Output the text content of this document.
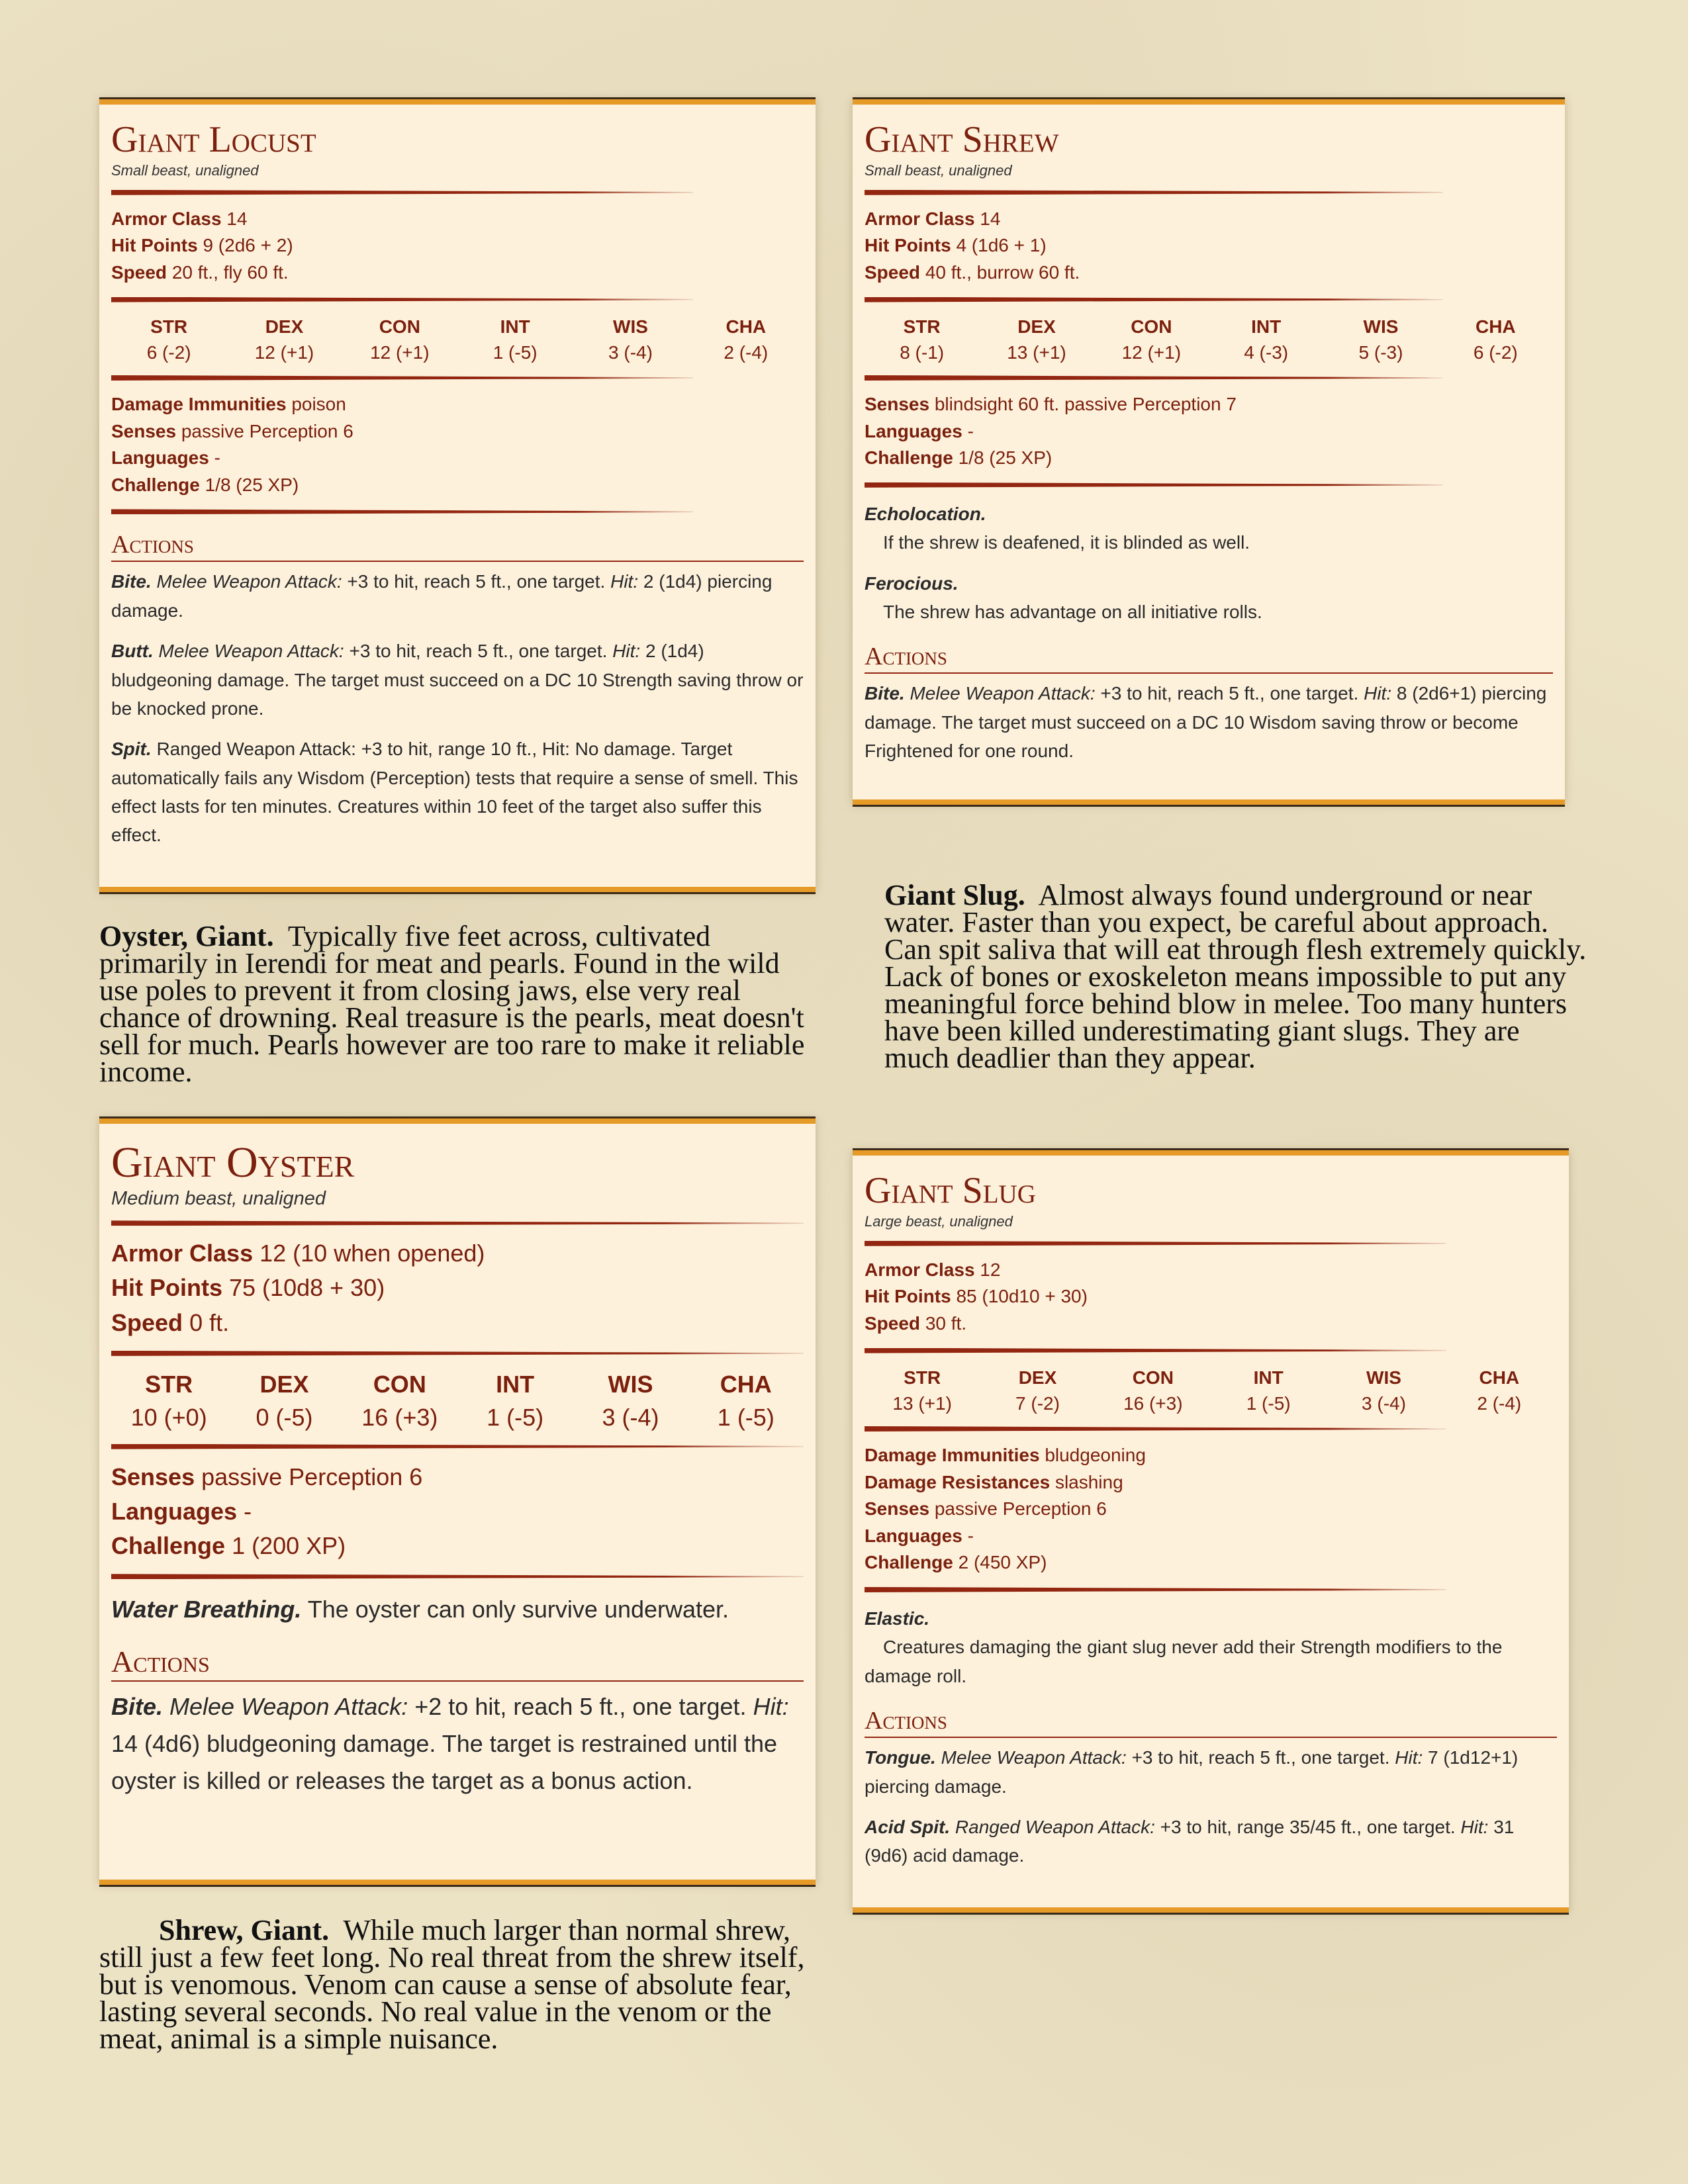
Giant Locust
Small beast, unaligned
Armor Class 14
Hit Points 9 (2d6 + 2)
Speed 20 ft., fly 60 ft.
STR
6 (-2)
DEX
12 (+1)
CON
12 (+1)
INT
1 (-5)
WIS
3 (-4)
CHA
2 (-4)
Damage Immunities poison
Senses passive Perception 6
Languages -
Challenge 1/8 (25 XP)
Actions
Bite. Melee Weapon Attack: +3 to hit, reach 5 ft., one target. Hit: 2 (1d4) piercing damage.
Butt. Melee Weapon Attack: +3 to hit, reach 5 ft., one target. Hit: 2 (1d4) bludgeoning damage. The target must succeed on a DC 10 Strength saving throw or be knocked prone.
Spit. Ranged Weapon Attack: +3 to hit, range 10 ft., Hit: No damage. Target automatically fails any Wisdom (Perception) tests that require a sense of smell. This effect lasts for ten minutes. Creatures within 10 feet of the target also suffer this effect.
Giant Shrew
Small beast, unaligned
Armor Class 14
Hit Points 4 (1d6 + 1)
Speed 40 ft., burrow 60 ft.
STR
8 (-1)
DEX
13 (+1)
CON
12 (+1)
INT
4 (-3)
WIS
5 (-3)
CHA
6 (-2)
Senses blindsight 60 ft. passive Perception 7
Languages -
Challenge 1/8 (25 XP)
Echolocation.
If the shrew is deafened, it is blinded as well.
Ferocious.
The shrew has advantage on all initiative rolls.
Actions
Bite. Melee Weapon Attack: +3 to hit, reach 5 ft., one target. Hit: 8 (2d6+1) piercing damage. The target must succeed on a DC 10 Wisdom saving throw or become Frightened for one round.
Oyster, Giant. Typically five feet across, cultivated primarily in Ierendi for meat and pearls. Found in the wild use poles to prevent it from closing jaws, else very real chance of drowning. Real treasure is the pearls, meat doesn't sell for much. Pearls however are too rare to make it reliable income.
Giant Slug. Almost always found underground or near water. Faster than you expect, be careful about approach. Can spit saliva that will eat through flesh extremely quickly. Lack of bones or exoskeleton means impossible to put any meaningful force behind blow in melee. Too many hunters have been killed underestimating giant slugs. They are much deadlier than they appear.
Giant Oyster
Medium beast, unaligned
Armor Class 12 (10 when opened)
Hit Points 75 (10d8 + 30)
Speed 0 ft.
STR
10 (+0)
DEX
0 (-5)
CON
16 (+3)
INT
1 (-5)
WIS
3 (-4)
CHA
1 (-5)
Senses passive Perception 6
Languages -
Challenge 1 (200 XP)
Water Breathing. The oyster can only survive underwater.
Actions
Bite. Melee Weapon Attack: +2 to hit, reach 5 ft., one target. Hit: 14 (4d6) bludgeoning damage. The target is restrained until the oyster is killed or releases the target as a bonus action.
Giant Slug
Large beast, unaligned
Armor Class 12
Hit Points 85 (10d10 + 30)
Speed 30 ft.
STR
13 (+1)
DEX
7 (-2)
CON
16 (+3)
INT
1 (-5)
WIS
3 (-4)
CHA
2 (-4)
Damage Immunities bludgeoning
Damage Resistances slashing
Senses passive Perception 6
Languages -
Challenge 2 (450 XP)
Elastic.
Creatures damaging the giant slug never add their Strength modifiers to the damage roll.
Actions
Tongue. Melee Weapon Attack: +3 to hit, reach 5 ft., one target. Hit: 7 (1d12+1) piercing damage.
Acid Spit. Ranged Weapon Attack: +3 to hit, range 35/45 ft., one target. Hit: 31 (9d6) acid damage.
Shrew, Giant. While much larger than normal shrew, still just a few feet long. No real threat from the shrew itself, but is venomous. Venom can cause a sense of absolute fear, lasting several seconds. No real value in the venom or the meat, animal is a simple nuisance.
